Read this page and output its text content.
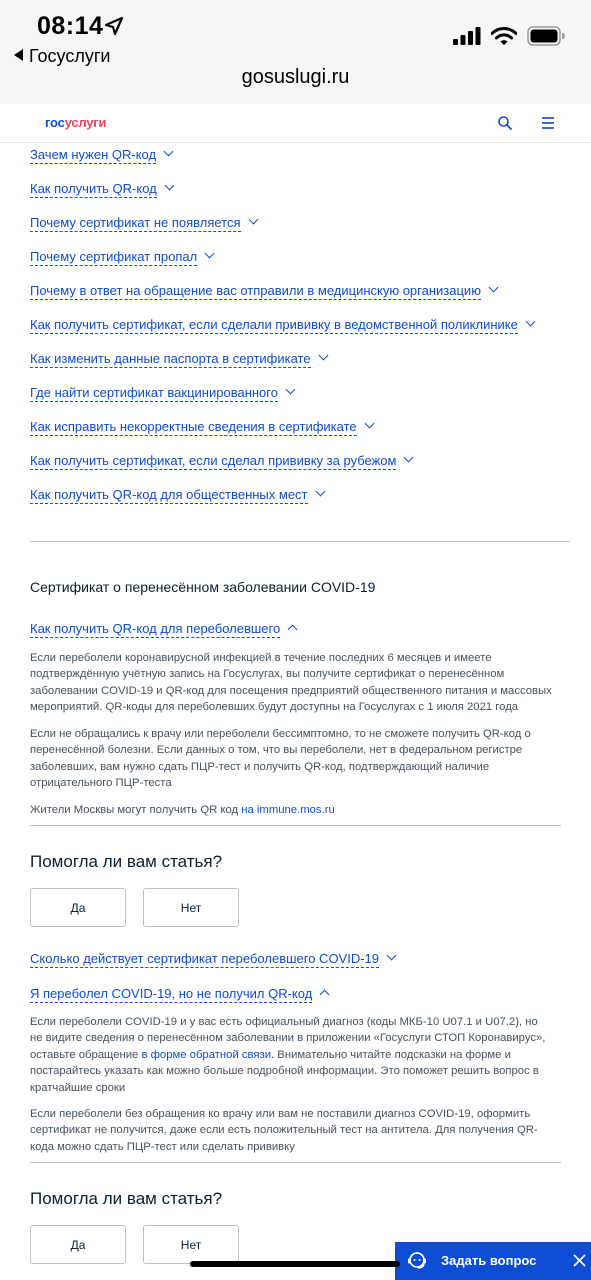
08:14
Госуслуги
gosuslugi.ru
госуслуги
Зачем нужен QR-код
Как получить QR-код
Почему сертификат не появляется
Почему сертификат пропал
Почему в ответ на обращение вас отправили в медицинскую организацию
Как получить сертификат, если сделали прививку в ведомственной поликлинике
Как изменить данные паспорта в сертификате
Где найти сертификат вакцинированного
Как исправить некорректные сведения в сертификате
Как получить сертификат, если сделал прививку за рубежом
Как получить QR-код для общественных мест
Сертификат о перенесённом заболевании COVID-19
Как получить QR-код для переболевшего
Если переболели коронавирусной инфекцией в течение последних 6 месяцев и имеете подтверждённую учётную запись на Госуслугах, вы получите сертификат о перенесённом заболевании COVID-19 и QR-код для посещения предприятий общественного питания и массовых мероприятий. QR-коды для переболевших будут доступны на Госуслугах с 1 июля 2021 года
Если не обращались к врачу или переболели бессимптомно, то не сможете получить QR-код о перенесённой болезни. Если данных о том, что вы переболели, нет в федеральном регистре заболевших, вам нужно сдать ПЦР-тест и получить QR-код, подтверждающий наличие отрицательного ПЦР-теста
Жители Москвы могут получить QR код на immune.mos.ru
Помогла ли вам статья?
Да	Нет
Сколько действует сертификат переболевшего COVID-19
Я переболел COVID-19, но не получил QR-код
Если переболели COVID-19 и у вас есть официальный диагноз (коды МКБ-10 U07.1 и U07.2), но не видите сведения о перенесённом заболевании в приложении «Госуслуги СТОП Коронавирус», оставьте обращение в форме обратной связи. Внимательно читайте подсказки на форме и постарайтесь указать как можно больше подробной информации. Это поможет решить вопрос в кратчайшие сроки
Если переболели без обращения ко врачу или вам не поставили диагноз COVID-19, оформить сертификат не получится, даже если есть положительный тест на антитела. Для получения QR-кода можно сдать ПЦР-тест или сделать прививку
Помогла ли вам статья?
Да	Нет
Задать вопрос
